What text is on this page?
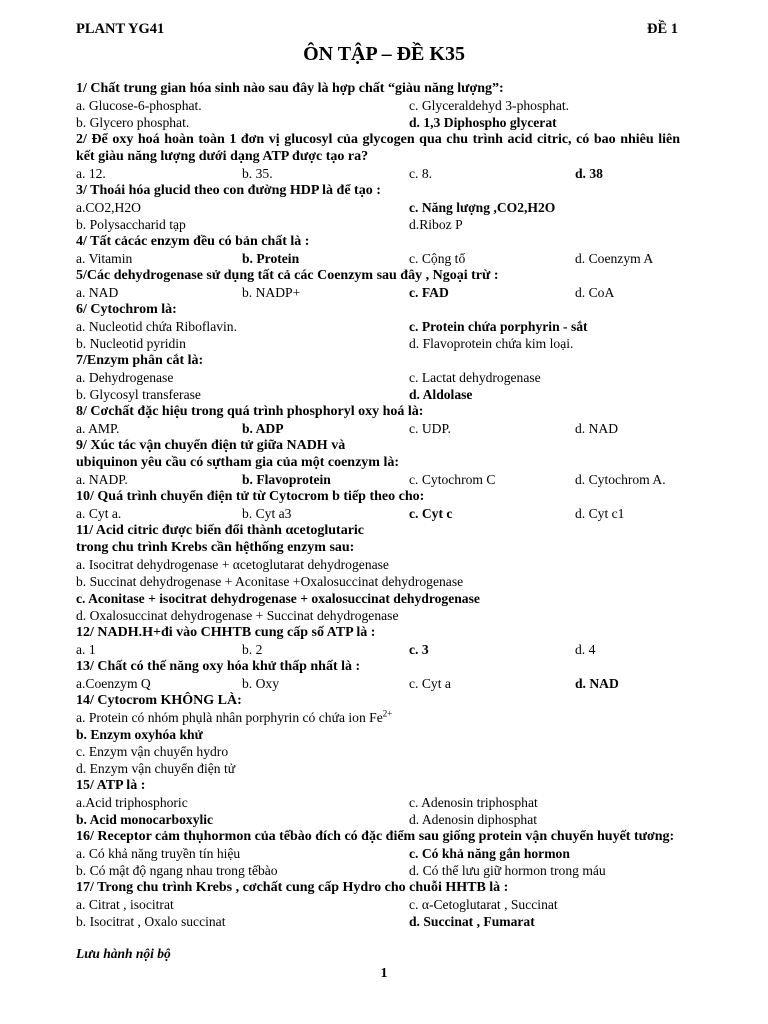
PLANT YG41	ĐỀ 1
ÔN TẬP – ĐỀ K35
1/ Chất trung gian hóa sinh nào sau đây là hợp chất “giàu năng lượng”:
a. Glucose-6-phosphat.	c. Glyceraldehyd 3-phosphat.
b. Glycero phosphat.	d. 1,3 Diphospho glycerat
2/ Để oxy hoá hoàn toàn 1 đơn vị glucosyl của glycogen qua chu trình acid citric, có bao nhiêu liên kết giàu năng lượng dưới dạng ATP được tạo ra?
a. 12.	b. 35.	c. 8.	d. 38
3/ Thoái hóa glucid theo con đường HDP là để tạo :
a.CO2,H2O	c. Năng lượng ,CO2,H2O
b. Polysaccharid tạp	d.Riboz P
4/ Tất cảcác enzym đều có bản chất là :
a. Vitamin	b. Protein	c. Cộng tố	d. Coenzym A
5/Các dehydrogenase sử dụng tất cả các Coenzym sau đây , Ngoại trừ :
a. NAD	b. NADP+	c. FAD	d. CoA
6/ Cytochrom là:
a. Nucleotid chứa Riboflavin.	c. Protein chứa porphyrin - sắt
b. Nucleotid pyridin	d. Flavoprotein chứa kim loại.
7/Enzym phân cắt là:
a. Dehydrogenase	c. Lactat dehydrogenase
b. Glycosyl transferase	d. Aldolase
8/ Cơchất đặc hiệu trong quá trình phosphoryl oxy hoá là:
a. AMP.	b. ADP	c. UDP.	d. NAD
9/ Xúc tác vận chuyển điện tử giữa NADH và
ubiquinon yêu cầu có sựtham gia của một coenzym là:
a. NADP.	b. Flavoprotein	c. Cytochrom C	d. Cytochrom A.
10/ Quá trình chuyển điện tử từ Cytocrom b tiếp theo cho:
a. Cyt a.	b. Cyt a3	c. Cyt c	d. Cyt c1
11/ Acid citric được biến đổi thành αcetoglutaric
trong chu trình Krebs cần hệthống enzym sau:
a. Isocitrat dehydrogenase + αcetoglutarat dehydrogenase
b. Succinat dehydrogenase + Aconitase +Oxalosuccinat dehydrogenase
c. Aconitase + isocitrat dehydrogenase + oxalosuccinat dehydrogenase
d. Oxalosuccinat dehydrogenase + Succinat dehydrogenase
12/ NADH.H+đi vào CHHTB cung cấp số ATP là :
a. 1	b. 2	c. 3	d. 4
13/ Chất có thế năng oxy hóa khử thấp nhất là :
a.Coenzym Q	b. Oxy	c. Cyt a	d. NAD
14/ Cytocrom KHÔNG LÀ:
a. Protein có nhóm phụlà nhân porphyrin có chứa ion $Fe^{2+}$
b. Enzym oxyhóa khử
c. Enzym vận chuyển hydro
d. Enzym vận chuyển điện tử
15/ ATP là :
a.Acid triphosphoric	c. Adenosin triphosphat
b. Acid monocarboxylic	d. Adenosin diphosphat
16/ Receptor cảm thụhormon của tếbào đích có đặc điểm sau giống protein vận chuyển huyết tương:
a. Có khả năng truyền tín hiệu	c. Có khả năng gắn hormon
b. Có mật độ ngang nhau trong tếbào	d. Có thể lưu giữ hormon trong máu
17/ Trong chu trình Krebs , cơchất cung cấp Hydro cho chuỗi HHTB là :
a. Citrat , isocitrat	c. α-Cetoglutarat , Succinat
b. Isocitrat , Oxalo succinat	d. Succinat , Fumarat
Lưu hành nội bộ
1
